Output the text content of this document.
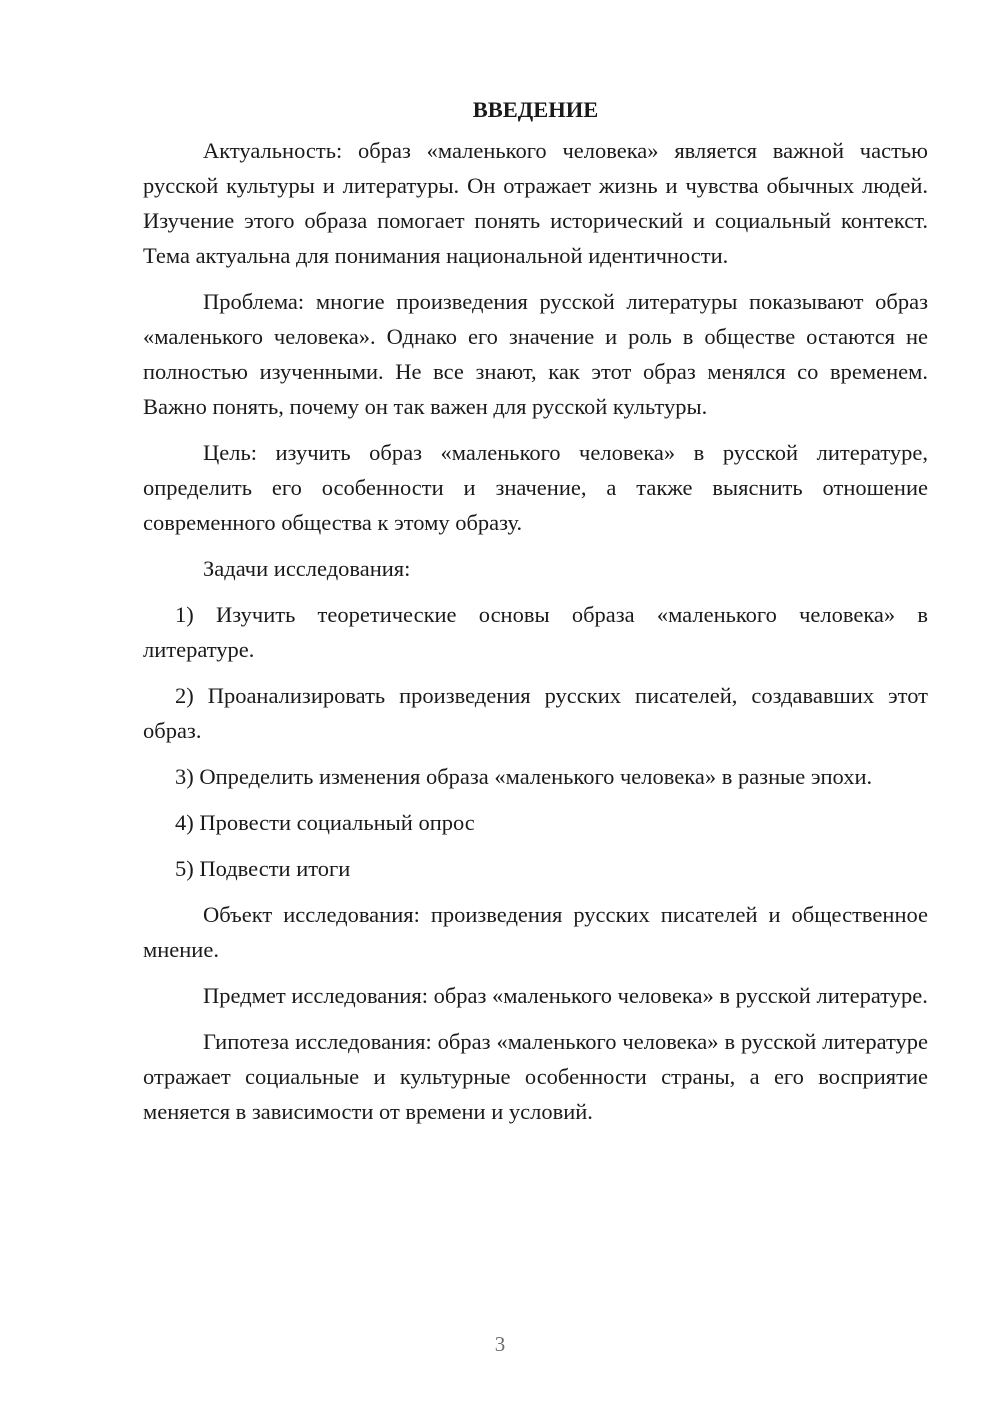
ВВЕДЕНИЕ

Актуальность: образ «маленького человека» является важной частью русской культуры и литературы. Он отражает жизнь и чувства обычных людей. Изучение этого образа помогает понять исторический и социальный контекст. Тема актуальна для понимания национальной идентичности.

Проблема: многие произведения русской литературы показывают образ «маленького человека». Однако его значение и роль в обществе остаются не полностью изученными. Не все знают, как этот образ менялся со временем. Важно понять, почему он так важен для русской культуры.

Цель: изучить образ «маленького человека» в русской литературе, определить его особенности и значение, а также выяснить отношение современного общества к этому образу.

Задачи исследования:

1) Изучить теоретические основы образа «маленького человека» в литературе.

2) Проанализировать произведения русских писателей, создававших этот образ.

3) Определить изменения образа «маленького человека» в разные эпохи.

4) Провести социальный опрос

5) Подвести итоги

Объект исследования: произведения русских писателей и общественное мнение.

Предмет исследования: образ «маленького человека» в русской литературе.

Гипотеза исследования: образ «маленького человека» в русской литературе отражает социальные и культурные особенности страны, а его восприятие меняется в зависимости от времени и условий.

3
